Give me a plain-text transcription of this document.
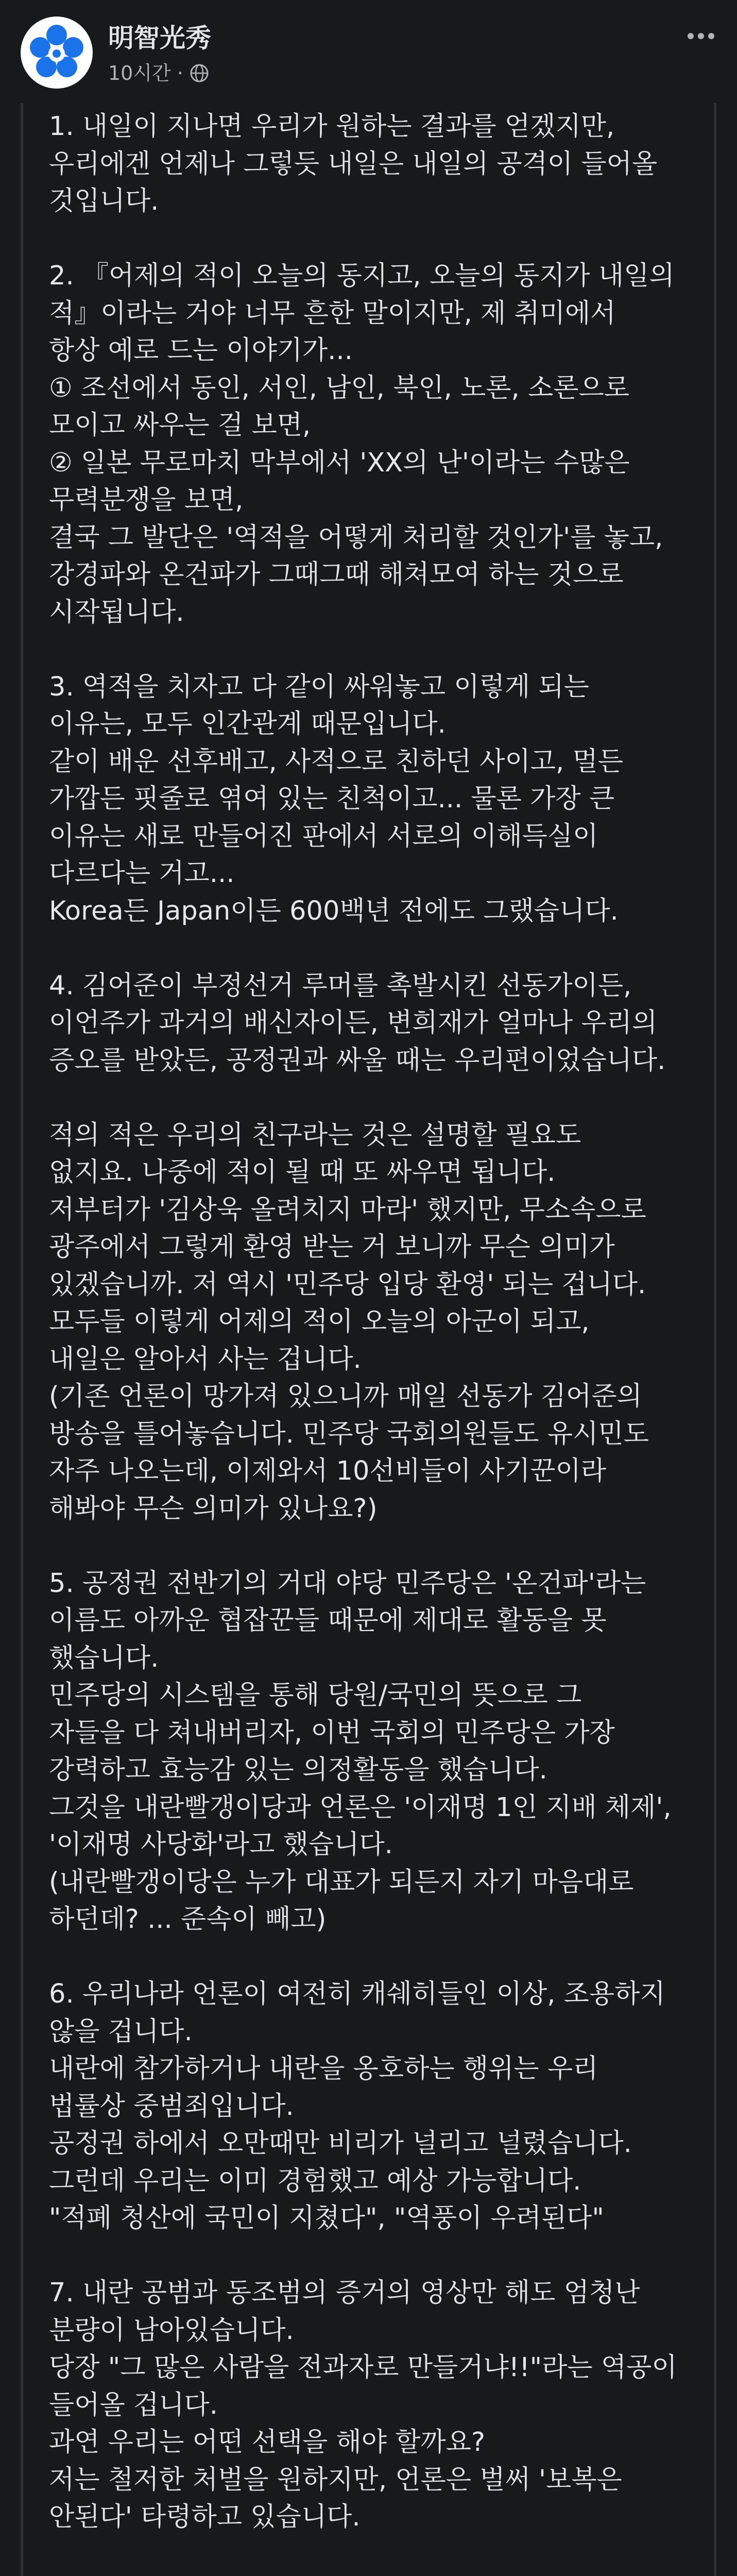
明智光秀
10시간 ·
1. 내일이 지나면 우리가 원하는 결과를 얻겠지만,
우리에겐 언제나 그렇듯 내일은 내일의 공격이 들어올
것입니다.
2. 『어제의 적이 오늘의 동지고, 오늘의 동지가 내일의
적』이라는 거야 너무 흔한 말이지만, 제 취미에서
항상 예로 드는 이야기가...
① 조선에서 동인, 서인, 남인, 북인, 노론, 소론으로
모이고 싸우는 걸 보면,
② 일본 무로마치 막부에서 'XX의 난'이라는 수많은
무력분쟁을 보면,
결국 그 발단은 '역적을 어떻게 처리할 것인가'를 놓고,
강경파와 온건파가 그때그때 해쳐모여 하는 것으로
시작됩니다.
3. 역적을 치자고 다 같이 싸워놓고 이렇게 되는
이유는, 모두 인간관계 때문입니다.
같이 배운 선후배고, 사적으로 친하던 사이고, 멀든
가깝든 핏줄로 엮여 있는 친척이고... 물론 가장 큰
이유는 새로 만들어진 판에서 서로의 이해득실이
다르다는 거고...
Korea든 Japan이든 600백년 전에도 그랬습니다.
4. 김어준이 부정선거 루머를 촉발시킨 선동가이든,
이언주가 과거의 배신자이든, 변희재가 얼마나 우리의
증오를 받았든, 공정권과 싸울 때는 우리편이었습니다.
적의 적은 우리의 친구라는 것은 설명할 필요도
없지요. 나중에 적이 될 때 또 싸우면 됩니다.
저부터가 '김상욱 올려치지 마라' 했지만, 무소속으로
광주에서 그렇게 환영 받는 거 보니까 무슨 의미가
있겠습니까. 저 역시 '민주당 입당 환영' 되는 겁니다.
모두들 이렇게 어제의 적이 오늘의 아군이 되고,
내일은 알아서 사는 겁니다.
(기존 언론이 망가져 있으니까 매일 선동가 김어준의
방송을 틀어놓습니다. 민주당 국회의원들도 유시민도
자주 나오는데, 이제와서 10선비들이 사기꾼이라
해봐야 무슨 의미가 있나요?)
5. 공정권 전반기의 거대 야당 민주당은 '온건파'라는
이름도 아까운 협잡꾼들 때문에 제대로 활동을 못
했습니다.
민주당의 시스템을 통해 당원/국민의 뜻으로 그
자들을 다 쳐내버리자, 이번 국회의 민주당은 가장
강력하고 효능감 있는 의정활동을 했습니다.
그것을 내란빨갱이당과 언론은 '이재명 1인 지배 체제',
'이재명 사당화'라고 했습니다.
(내란빨갱이당은 누가 대표가 되든지 자기 마음대로
하던데? ... 준속이 빼고)
6. 우리나라 언론이 여전히 캐쉐히들인 이상, 조용하지
않을 겁니다.
내란에 참가하거나 내란을 옹호하는 행위는 우리
법률상 중범죄입니다.
공정권 하에서 오만때만 비리가 널리고 널렸습니다.
그런데 우리는 이미 경험했고 예상 가능합니다.
"적폐 청산에 국민이 지쳤다", "역풍이 우려된다"
7. 내란 공범과 동조범의 증거의 영상만 해도 엄청난
분량이 남아있습니다.
당장 "그 많은 사람을 전과자로 만들거냐!!"라는 역공이
들어올 겁니다.
과연 우리는 어떤 선택을 해야 할까요?
저는 철저한 처벌을 원하지만, 언론은 벌써 '보복은
안된다' 타령하고 있습니다.
